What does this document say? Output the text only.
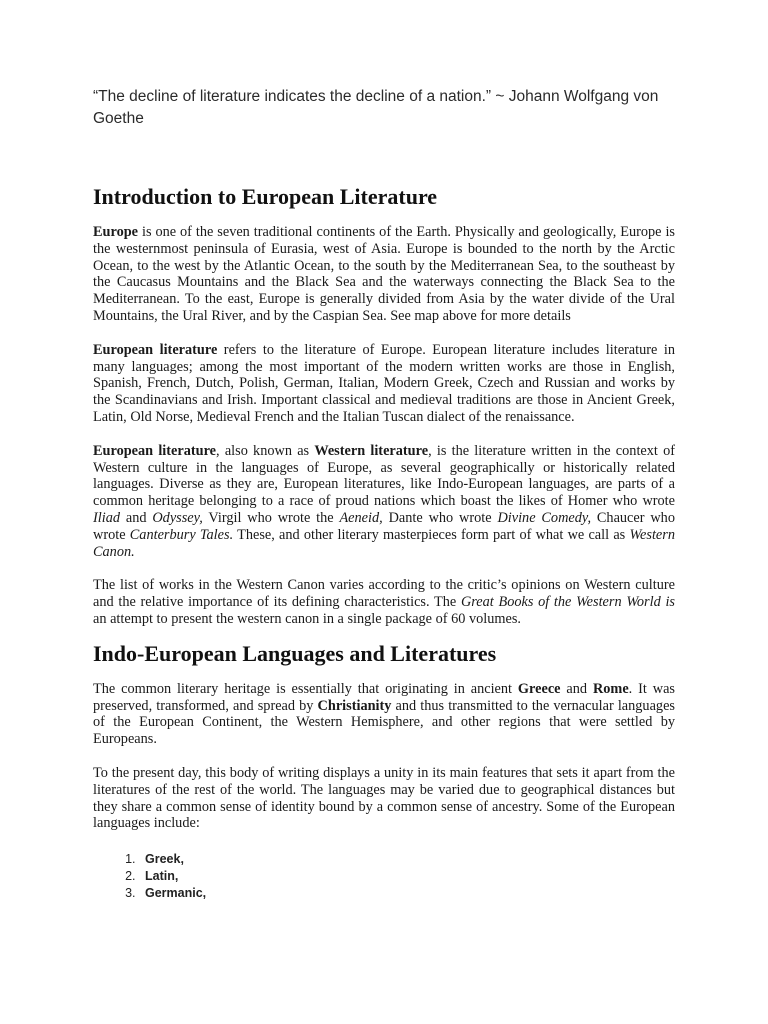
“The decline of literature indicates the decline of a nation.” ~ Johann Wolfgang von Goethe

Introduction to European Literature

Europe is one of the seven traditional continents of the Earth. Physically and geologically, Europe is the westernmost peninsula of Eurasia, west of Asia. Europe is bounded to the north by the Arctic Ocean, to the west by the Atlantic Ocean, to the south by the Mediterranean Sea, to the southeast by the Caucasus Mountains and the Black Sea and the waterways connecting the Black Sea to the Mediterranean. To the east, Europe is generally divided from Asia by the water divide of the Ural Mountains, the Ural River, and by the Caspian Sea. See map above for more details

European literature refers to the literature of Europe. European literature includes literature in many languages; among the most important of the modern written works are those in English, Spanish, French, Dutch, Polish, German, Italian, Modern Greek, Czech and Russian and works by the Scandinavians and Irish. Important classical and medieval traditions are those in Ancient Greek, Latin, Old Norse, Medieval French and the Italian Tuscan dialect of the renaissance.

European literature, also known as Western literature, is the literature written in the context of Western culture in the languages of Europe, as several geographically or historically related languages. Diverse as they are, European literatures, like Indo-European languages, are parts of a common heritage belonging to a race of proud nations which boast the likes of Homer who wrote Iliad and Odyssey, Virgil who wrote the Aeneid, Dante who wrote Divine Comedy, Chaucer who wrote Canterbury Tales. These, and other literary masterpieces form part of what we call as Western Canon.

The list of works in the Western Canon varies according to the critic’s opinions on Western culture and the relative importance of its defining characteristics. The Great Books of the Western World is an attempt to present the western canon in a single package of 60 volumes.

Indo-European Languages and Literatures

The common literary heritage is essentially that originating in ancient Greece and Rome. It was preserved, transformed, and spread by Christianity and thus transmitted to the vernacular languages of the European Continent, the Western Hemisphere, and other regions that were settled by Europeans.

To the present day, this body of writing displays a unity in its main features that sets it apart from the literatures of the rest of the world. The languages may be varied due to geographical distances but they share a common sense of identity bound by a common sense of ancestry. Some of the European languages include:

1. Greek,
2. Latin,
3. Germanic,
